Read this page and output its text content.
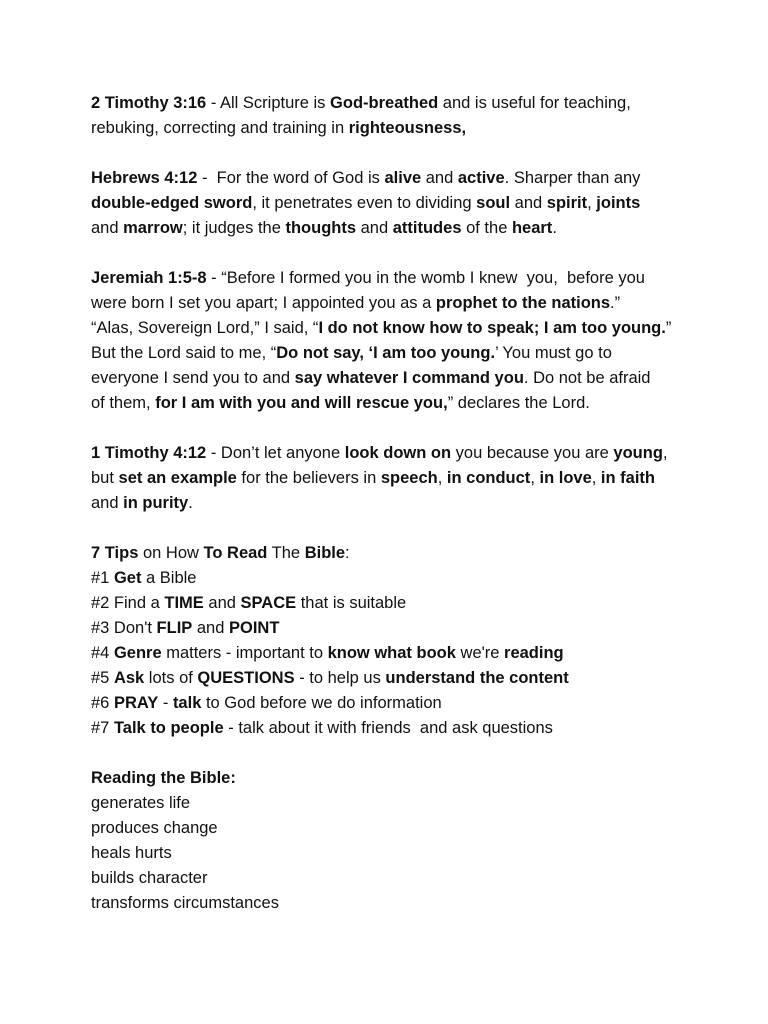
2 Timothy 3:16 - All Scripture is God-breathed and is useful for teaching,
rebuking, correcting and training in righteousness,
Hebrews 4:12 -  For the word of God is alive and active. Sharper than any
double-edged sword, it penetrates even to dividing soul and spirit, joints
and marrow; it judges the thoughts and attitudes of the heart.
Jeremiah 1:5-8 - “Before I formed you in the womb I knew  you,  before you
were born I set you apart; I appointed you as a prophet to the nations.”
“Alas, Sovereign Lord,” I said, “I do not know how to speak; I am too young.”
But the Lord said to me, “Do not say, ‘I am too young.’ You must go to
everyone I send you to and say whatever I command you. Do not be afraid
of them, for I am with you and will rescue you,” declares the Lord.
1 Timothy 4:12 - Don’t let anyone look down on you because you are young,
but set an example for the believers in speech, in conduct, in love, in faith
and in purity.
7 Tips on How To Read The Bible:
#1 Get a Bible
#2 Find a TIME and SPACE that is suitable
#3 Don't FLIP and POINT
#4 Genre matters - important to know what book we're reading
#5 Ask lots of QUESTIONS - to help us understand the content
#6 PRAY - talk to God before we do information
#7 Talk to people - talk about it with friends  and ask questions
Reading the Bible:
generates life
produces change
heals hurts
builds character
transforms circumstances
